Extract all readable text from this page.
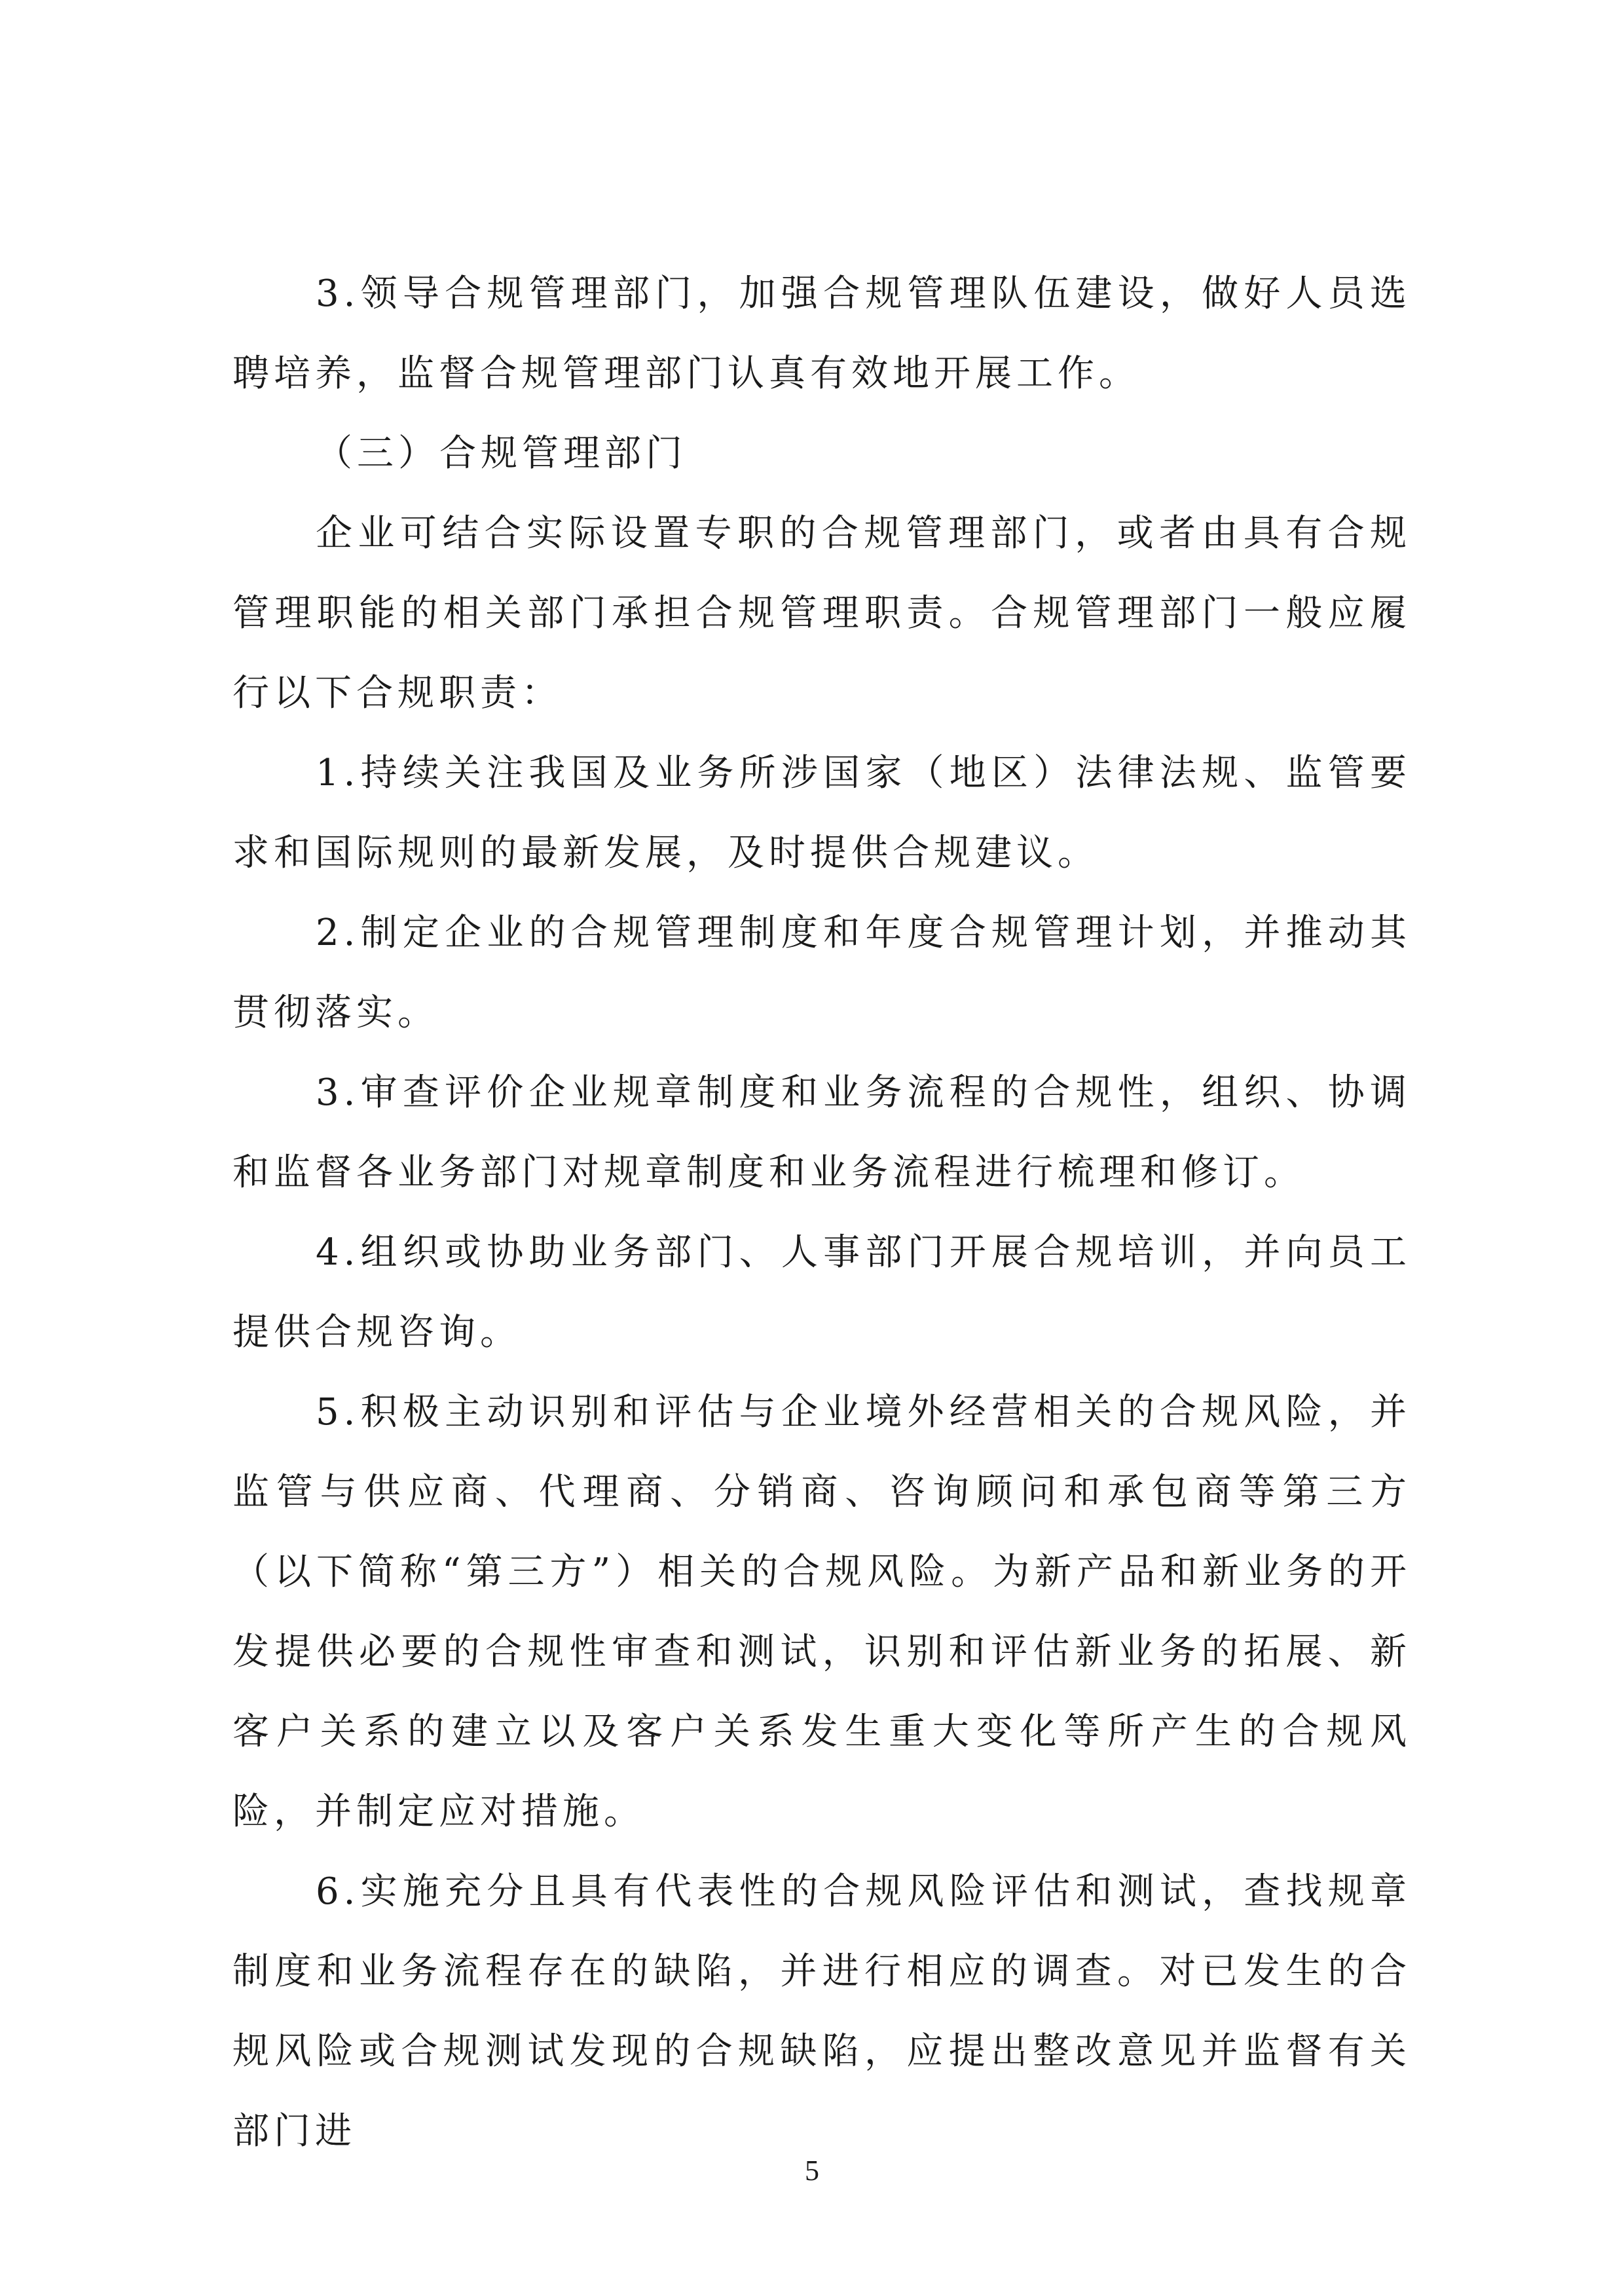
3.领导合规管理部门，加强合规管理队伍建设，做好人员选聘培养，监督合规管理部门认真有效地开展工作。

（三）合规管理部门

企业可结合实际设置专职的合规管理部门，或者由具有合规管理职能的相关部门承担合规管理职责。合规管理部门一般应履行以下合规职责：

1.持续关注我国及业务所涉国家（地区）法律法规、监管要求和国际规则的最新发展，及时提供合规建议。

2.制定企业的合规管理制度和年度合规管理计划，并推动其贯彻落实。

3.审查评价企业规章制度和业务流程的合规性，组织、协调和监督各业务部门对规章制度和业务流程进行梳理和修订。

4.组织或协助业务部门、人事部门开展合规培训，并向员工提供合规咨询。

5.积极主动识别和评估与企业境外经营相关的合规风险，并监管与供应商、代理商、分销商、咨询顾问和承包商等第三方（以下简称“第三方”）相关的合规风险。为新产品和新业务的开发提供必要的合规性审查和测试，识别和评估新业务的拓展、新客户关系的建立以及客户关系发生重大变化等所产生的合规风险，并制定应对措施。

6.实施充分且具有代表性的合规风险评估和测试，查找规章制度和业务流程存在的缺陷，并进行相应的调查。对已发生的合规风险或合规测试发现的合规缺陷，应提出整改意见并监督有关部门进

5
